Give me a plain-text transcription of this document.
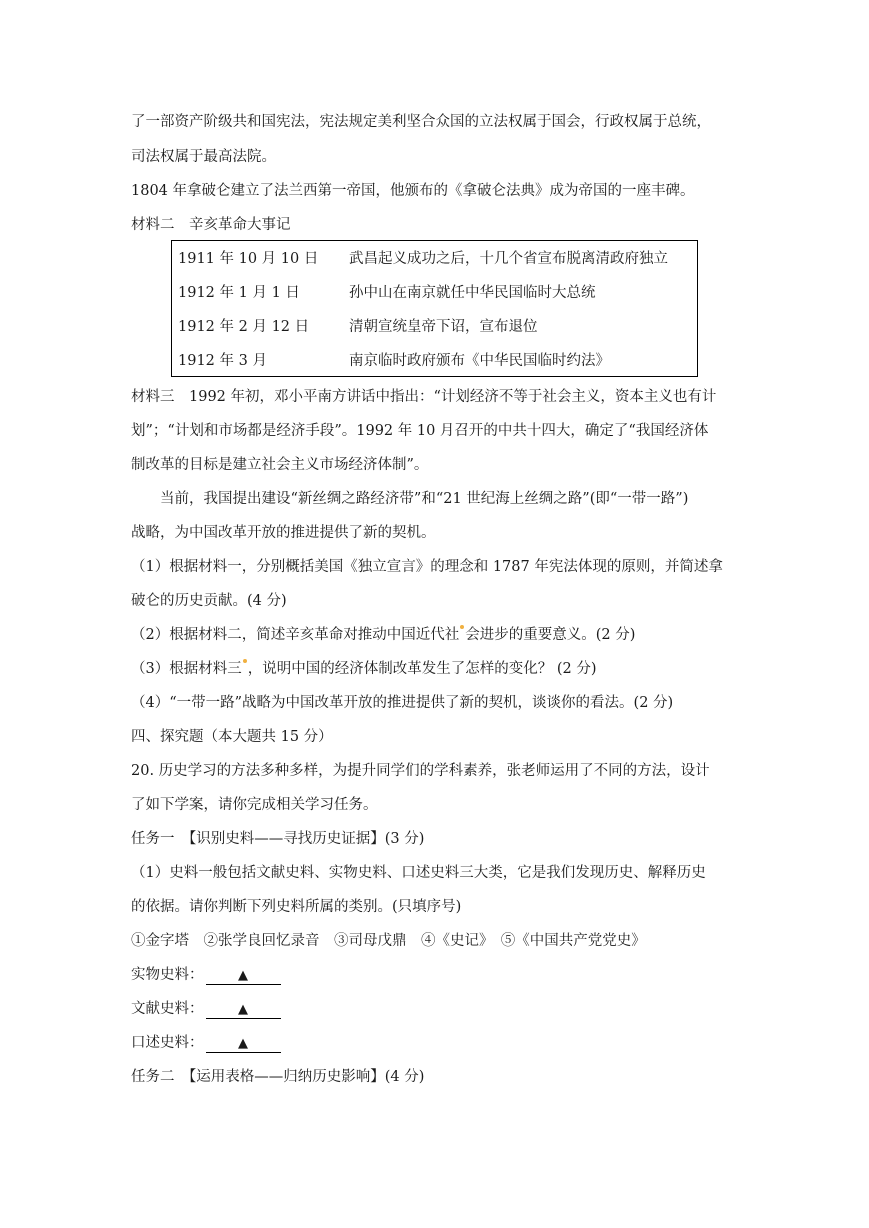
了一部资产阶级共和国宪法，宪法规定美利坚合众国的立法权属于国会，行政权属于总统，
司法权属于最高法院。
1804 年拿破仑建立了法兰西第一帝国，他颁布的《拿破仑法典》成为帝国的一座丰碑。
材料二　辛亥革命大事记
1911 年 10 月 10 日 武昌起义成功之后，十几个省宣布脱离清政府独立
1912 年 1 月 1 日	孙中山在南京就任中华民国临时大总统
1912 年 2 月 12 日	清朝宣统皇帝下诏，宣布退位
1912 年 3 月	南京临时政府颁布《中华民国临时约法》
材料三　1992 年初，邓小平南方讲话中指出：“计划经济不等于社会主义，资本主义也有计
划”；“计划和市场都是经济手段”。1992 年 10 月召开的中共十四大，确定了“我国经济体
制改革的目标是建立社会主义市场经济体制”。
当前，我国提出建设“新丝绸之路经济带”和“21 世纪海上丝绸之路”(即“一带一路”)
战略，为中国改革开放的推进提供了新的契机。
（1）根据材料一，分别概括美国《独立宣言》的理念和 1787 年宪法体现的原则，并简述拿
破仑的历史贡献。(4 分)
（2）根据材料二，简述辛亥革命对推动中国近代社 会进步的重要意义。(2 分)
（3）根据材料三 ，说明中国的经济体制改革发生了怎样的变化？ (2 分)
（4）“一带一路”战略为中国改革开放的推进提供了新的契机，谈谈你的看法。(2 分)
四、探究题（本大题共 15 分）
20. 历史学习的方法多种多样，为提升同学们的学科素养，张老师运用了不同的方法，设计
了如下学案，请你完成相关学习任务。
任务一　【识别史料——寻找历史证据】(3 分)
（1）史料一般包括文献史料、实物史料、口述史料三大类，它是我们发现历史、解释历史
的依据。请你判断下列史料所属的类别。(只填序号)
①金字塔　②张学良回忆录音　③司母戊鼎　④《史记》　⑤《中国共产党党史》
实物史料：	▲
文献史料：	▲
口述史料：	▲
任务二　【运用表格——归纳历史影响】(4 分)
